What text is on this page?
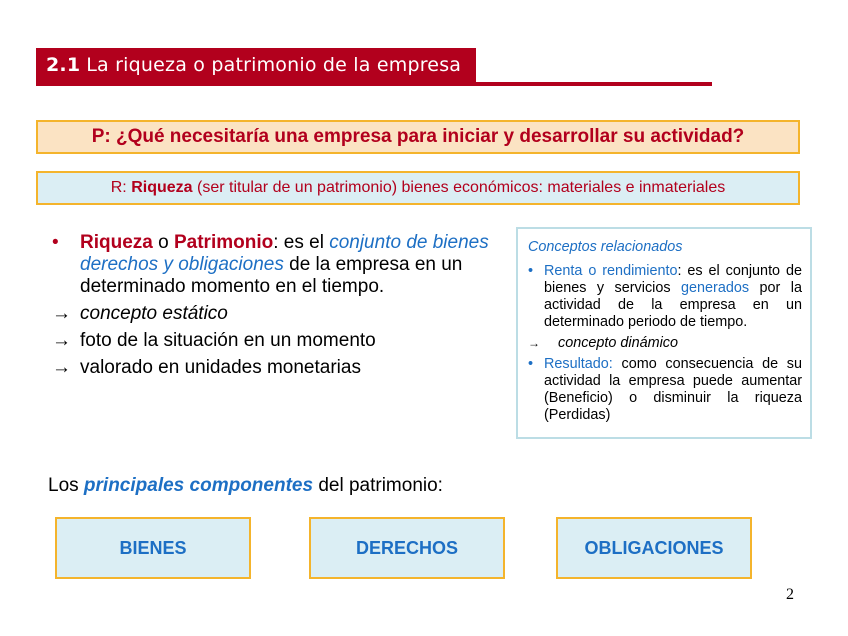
2.1 La riqueza o patrimonio de la empresa
P: ¿Qué necesitaría una empresa para iniciar y desarrollar su actividad?
R: Riqueza (ser titular de un patrimonio) bienes económicos: materiales e inmateriales
•	Riqueza o Patrimonio: es el conjunto de bienes derechos y obligaciones de la empresa en un determinado momento en el tiempo.
→ concepto estático
→ foto de la situación en un momento
→ valorado en unidades monetarias
Conceptos relacionados
• Renta o rendimiento: es el conjunto de bienes y servicios generados por la actividad de la empresa en un determinado periodo de tiempo.
→	concepto dinámico
• Resultado: como consecuencia de su actividad la empresa puede aumentar (Beneficio) o disminuir la riqueza (Perdidas)
Los principales componentes del patrimonio:
BIENES	DERECHOS	OBLIGACIONES
2
